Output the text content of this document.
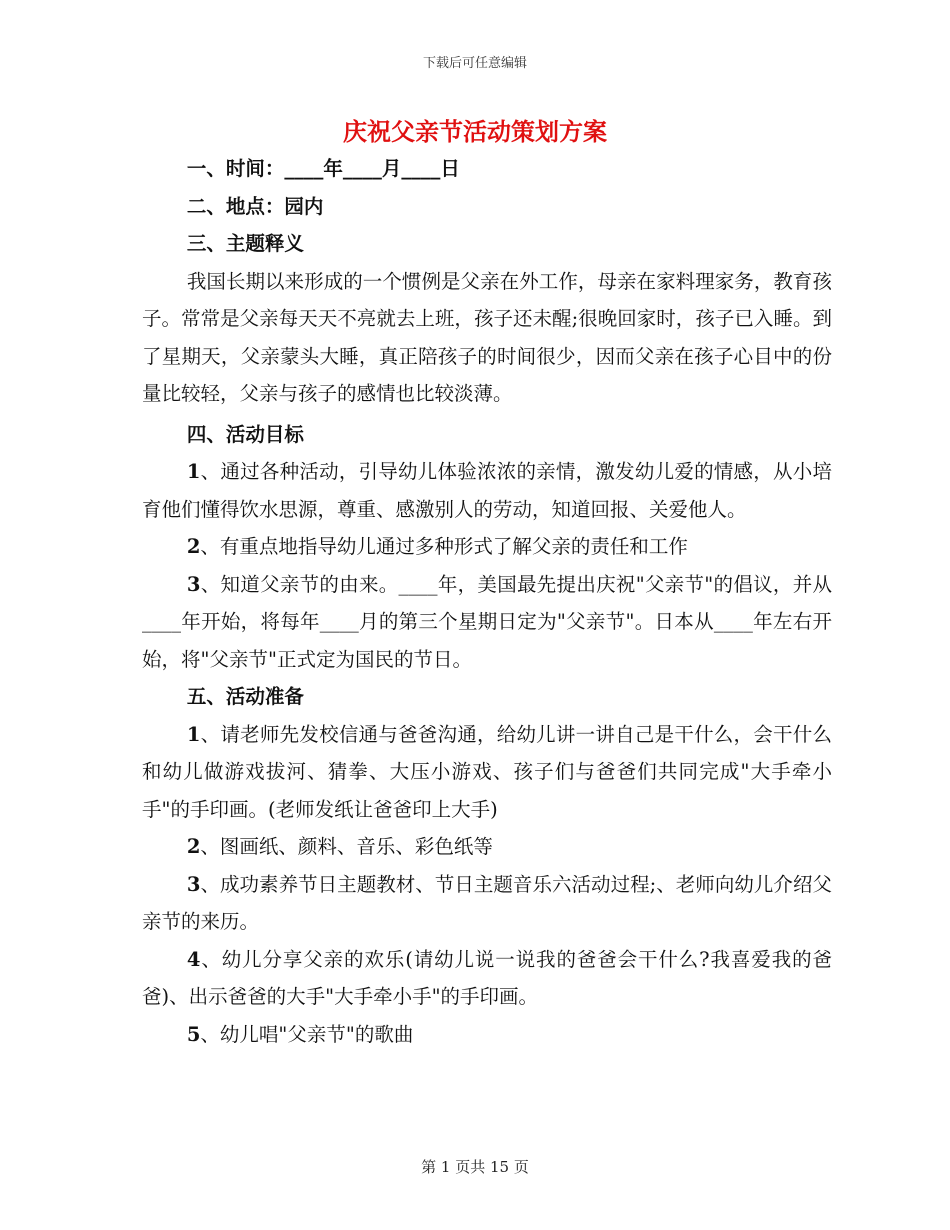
下载后可任意编辑
庆祝父亲节活动策划方案

一、时间：____年____月____日

二、地点：园内

三、主题释义

我国长期以来形成的一个惯例是父亲在外工作，母亲在家料理家务，教育孩子。常常是父亲每天天不亮就去上班，孩子还未醒;很晚回家时，孩子已入睡。到了星期天，父亲蒙头大睡，真正陪孩子的时间很少，因而父亲在孩子心目中的份量比较轻，父亲与孩子的感情也比较淡薄。

四、活动目标

1、通过各种活动，引导幼儿体验浓浓的亲情，激发幼儿爱的情感，从小培育他们懂得饮水思源，尊重、感激别人的劳动，知道回报、关爱他人。

2、有重点地指导幼儿通过多种形式了解父亲的责任和工作

3、知道父亲节的由来。____年，美国最先提出庆祝"父亲节"的倡议，并从____年开始，将每年____月的第三个星期日定为"父亲节"。日本从____年左右开始，将"父亲节"正式定为国民的节日。

五、活动准备

1、请老师先发校信通与爸爸沟通，给幼儿讲一讲自己是干什么，会干什么和幼儿做游戏拔河、猜拳、大压小游戏、孩子们与爸爸们共同完成"大手牵小手"的手印画。(老师发纸让爸爸印上大手)

2、图画纸、颜料、音乐、彩色纸等

3、成功素养节日主题教材、节日主题音乐六活动过程;、老师向幼儿介绍父亲节的来历。

4、幼儿分享父亲的欢乐(请幼儿说一说我的爸爸会干什么?我喜爱我的爸爸)、出示爸爸的大手"大手牵小手"的手印画。

5、幼儿唱"父亲节"的歌曲

第 1 页共 15 页
